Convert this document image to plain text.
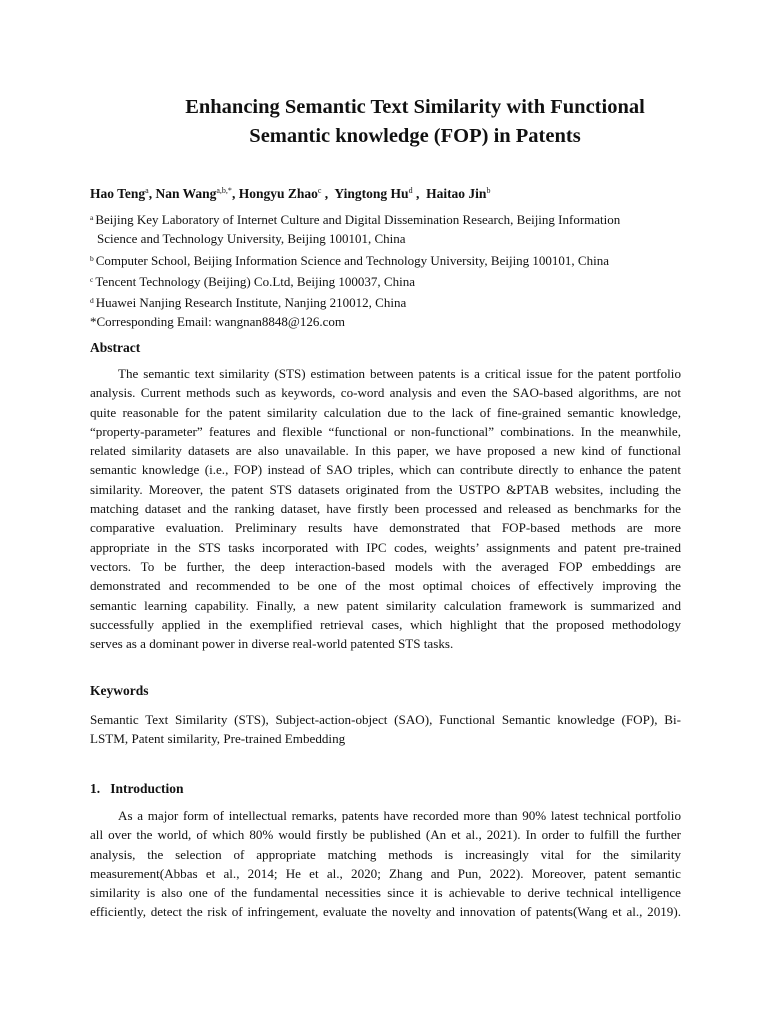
Enhancing Semantic Text Similarity with Functional
Semantic knowledge (FOP) in Patents
Hao Teng$^a$, Nan Wang$^{a,b,*}$, Hongyu Zhao$^c$ ,  Yingtong Hu$^d$ ,  Haitao Jin$^b$
$^a$ Beijing Key Laboratory of Internet Culture and Digital Dissemination Research, Beijing Information
Science and Technology University, Beijing 100101, China
$^b$ Computer School, Beijing Information Science and Technology University, Beijing 100101, China
$^c$ Tencent Technology (Beijing) Co.Ltd, Beijing 100037, China
$^d$ Huawei Nanjing Research Institute, Nanjing 210012, China
*Corresponding Email: wangnan8848@126.com
Abstract
The semantic text similarity (STS) estimation between patents is a critical issue for the patent portfolio
analysis. Current methods such as keywords, co-word analysis and even the SAO-based algorithms, are not
quite reasonable for the patent similarity calculation due to the lack of fine-grained semantic knowledge,
“property-parameter” features and flexible “functional or non-functional” combinations. In the meanwhile,
related similarity datasets are also unavailable. In this paper, we have proposed a new kind of functional
semantic knowledge (i.e., FOP) instead of SAO triples, which can contribute directly to enhance the patent
similarity. Moreover, the patent STS datasets originated from the USTPO &PTAB websites, including the
matching dataset and the ranking dataset, have firstly been processed and released as benchmarks for the
comparative evaluation. Preliminary results have demonstrated that FOP-based methods are more
appropriate in the STS tasks incorporated with IPC codes, weights’ assignments and patent pre-trained
vectors. To be further, the deep interaction-based models with the averaged FOP embeddings are
demonstrated and recommended to be one of the most optimal choices of effectively improving the
semantic learning capability. Finally, a new patent similarity calculation framework is summarized and
successfully applied in the exemplified retrieval cases, which highlight that the proposed methodology
serves as a dominant power in diverse real-world patented STS tasks.
Keywords
Semantic Text Similarity (STS), Subject-action-object (SAO), Functional Semantic knowledge (FOP), Bi-
LSTM, Patent similarity, Pre-trained Embedding
1.   Introduction
As a major form of intellectual remarks, patents have recorded more than 90% latest technical portfolio
all over the world, of which 80% would firstly be published (An et al., 2021). In order to fulfill the further
analysis, the selection of appropriate matching methods is increasingly vital for the similarity
measurement(Abbas et al., 2014; He et al., 2020; Zhang and Pun, 2022). Moreover, patent semantic
similarity is also one of the fundamental necessities since it is achievable to derive technical intelligence
efficiently, detect the risk of infringement, evaluate the novelty and innovation of patents(Wang et al., 2019).
